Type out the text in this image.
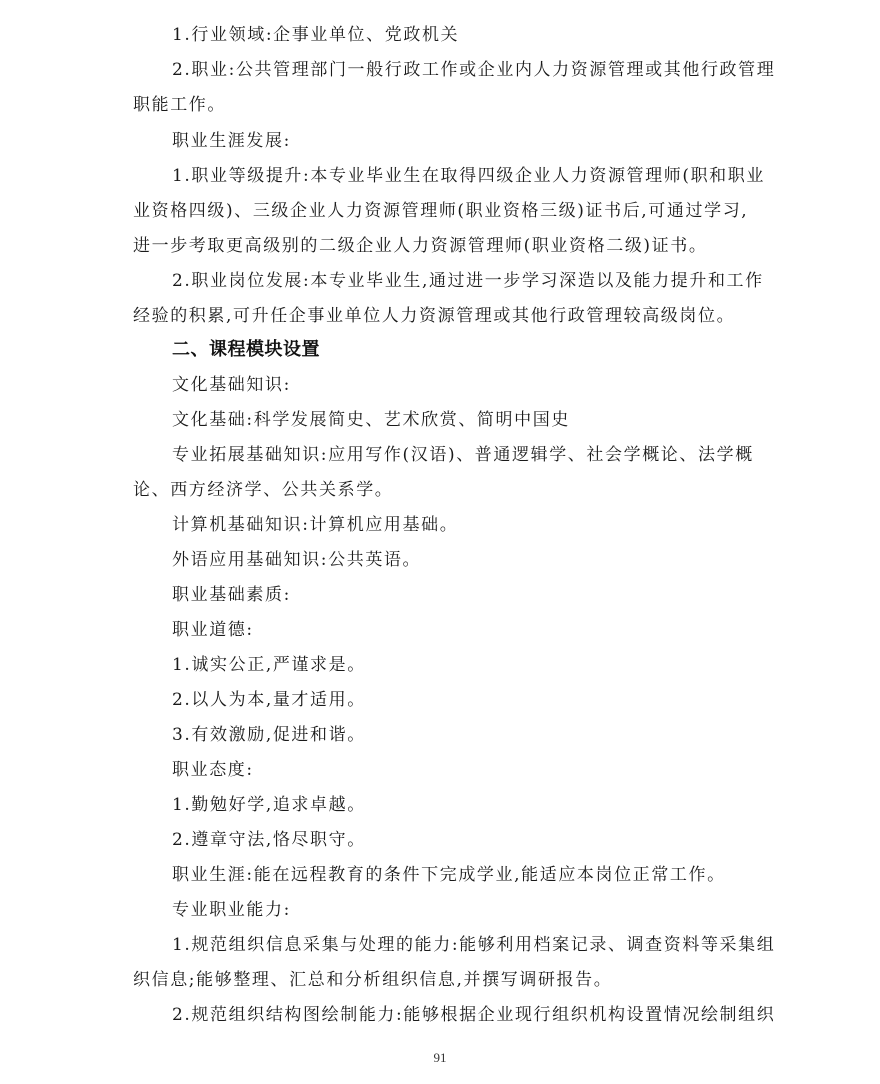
1.行业领域:企事业单位、党政机关
2.职业:公共管理部门一般行政工作或企业内人力资源管理或其他行政管理
职能工作。
职业生涯发展:
1.职业等级提升:本专业毕业生在取得四级企业人力资源管理师(职和职业
业资格四级)、三级企业人力资源管理师(职业资格三级)证书后,可通过学习,
进一步考取更高级别的二级企业人力资源管理师(职业资格二级)证书。
2.职业岗位发展:本专业毕业生,通过进一步学习深造以及能力提升和工作
经验的积累,可升任企事业单位人力资源管理或其他行政管理较高级岗位。
二、课程模块设置
文化基础知识:
文化基础:科学发展简史、艺术欣赏、简明中国史
专业拓展基础知识:应用写作(汉语)、普通逻辑学、社会学概论、法学概
论、西方经济学、公共关系学。
计算机基础知识:计算机应用基础。
外语应用基础知识:公共英语。
职业基础素质:
职业道德:
1.诚实公正,严谨求是。
2.以人为本,量才适用。
3.有效激励,促进和谐。
职业态度:
1.勤勉好学,追求卓越。
2.遵章守法,恪尽职守。
职业生涯:能在远程教育的条件下完成学业,能适应本岗位正常工作。
专业职业能力:
1.规范组织信息采集与处理的能力:能够利用档案记录、调查资料等采集组
织信息;能够整理、汇总和分析组织信息,并撰写调研报告。
2.规范组织结构图绘制能力:能够根据企业现行组织机构设置情况绘制组织
91
